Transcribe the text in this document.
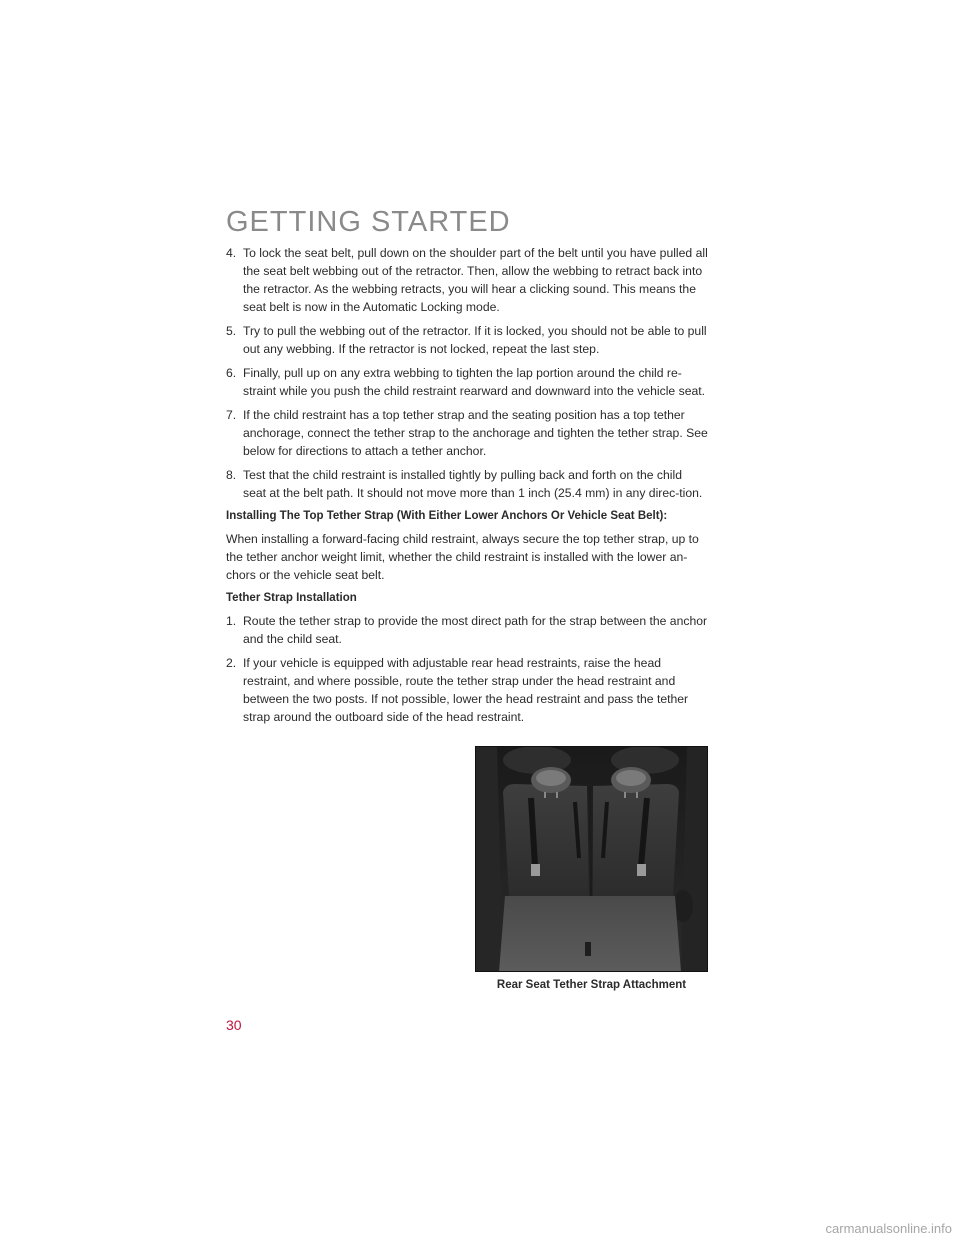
GETTING STARTED
4. To lock the seat belt, pull down on the shoulder part of the belt until you have pulled all the seat belt webbing out of the retractor. Then, allow the webbing to retract back into the retractor. As the webbing retracts, you will hear a clicking sound. This means the seat belt is now in the Automatic Locking mode.
5. Try to pull the webbing out of the retractor. If it is locked, you should not be able to pull out any webbing. If the retractor is not locked, repeat the last step.
6. Finally, pull up on any extra webbing to tighten the lap portion around the child re-straint while you push the child restraint rearward and downward into the vehicle seat.
7. If the child restraint has a top tether strap and the seating position has a top tether anchorage, connect the tether strap to the anchorage and tighten the tether strap. See below for directions to attach a tether anchor.
8. Test that the child restraint is installed tightly by pulling back and forth on the child seat at the belt path. It should not move more than 1 inch (25.4 mm) in any direc-tion.
Installing The Top Tether Strap (With Either Lower Anchors Or Vehicle Seat Belt):
When installing a forward-facing child restraint, always secure the top tether strap, up to the tether anchor weight limit, whether the child restraint is installed with the lower an-chors or the vehicle seat belt.
Tether Strap Installation
1. Route the tether strap to provide the most direct path for the strap between the anchor and the child seat.
2. If your vehicle is equipped with adjustable rear head restraints, raise the head restraint, and where possible, route the tether strap under the head restraint and between the two posts. If not possible, lower the head restraint and pass the tether strap around the outboard side of the head restraint.
Rear Seat Tether Strap Attachment
30
carmanualsonline.info
